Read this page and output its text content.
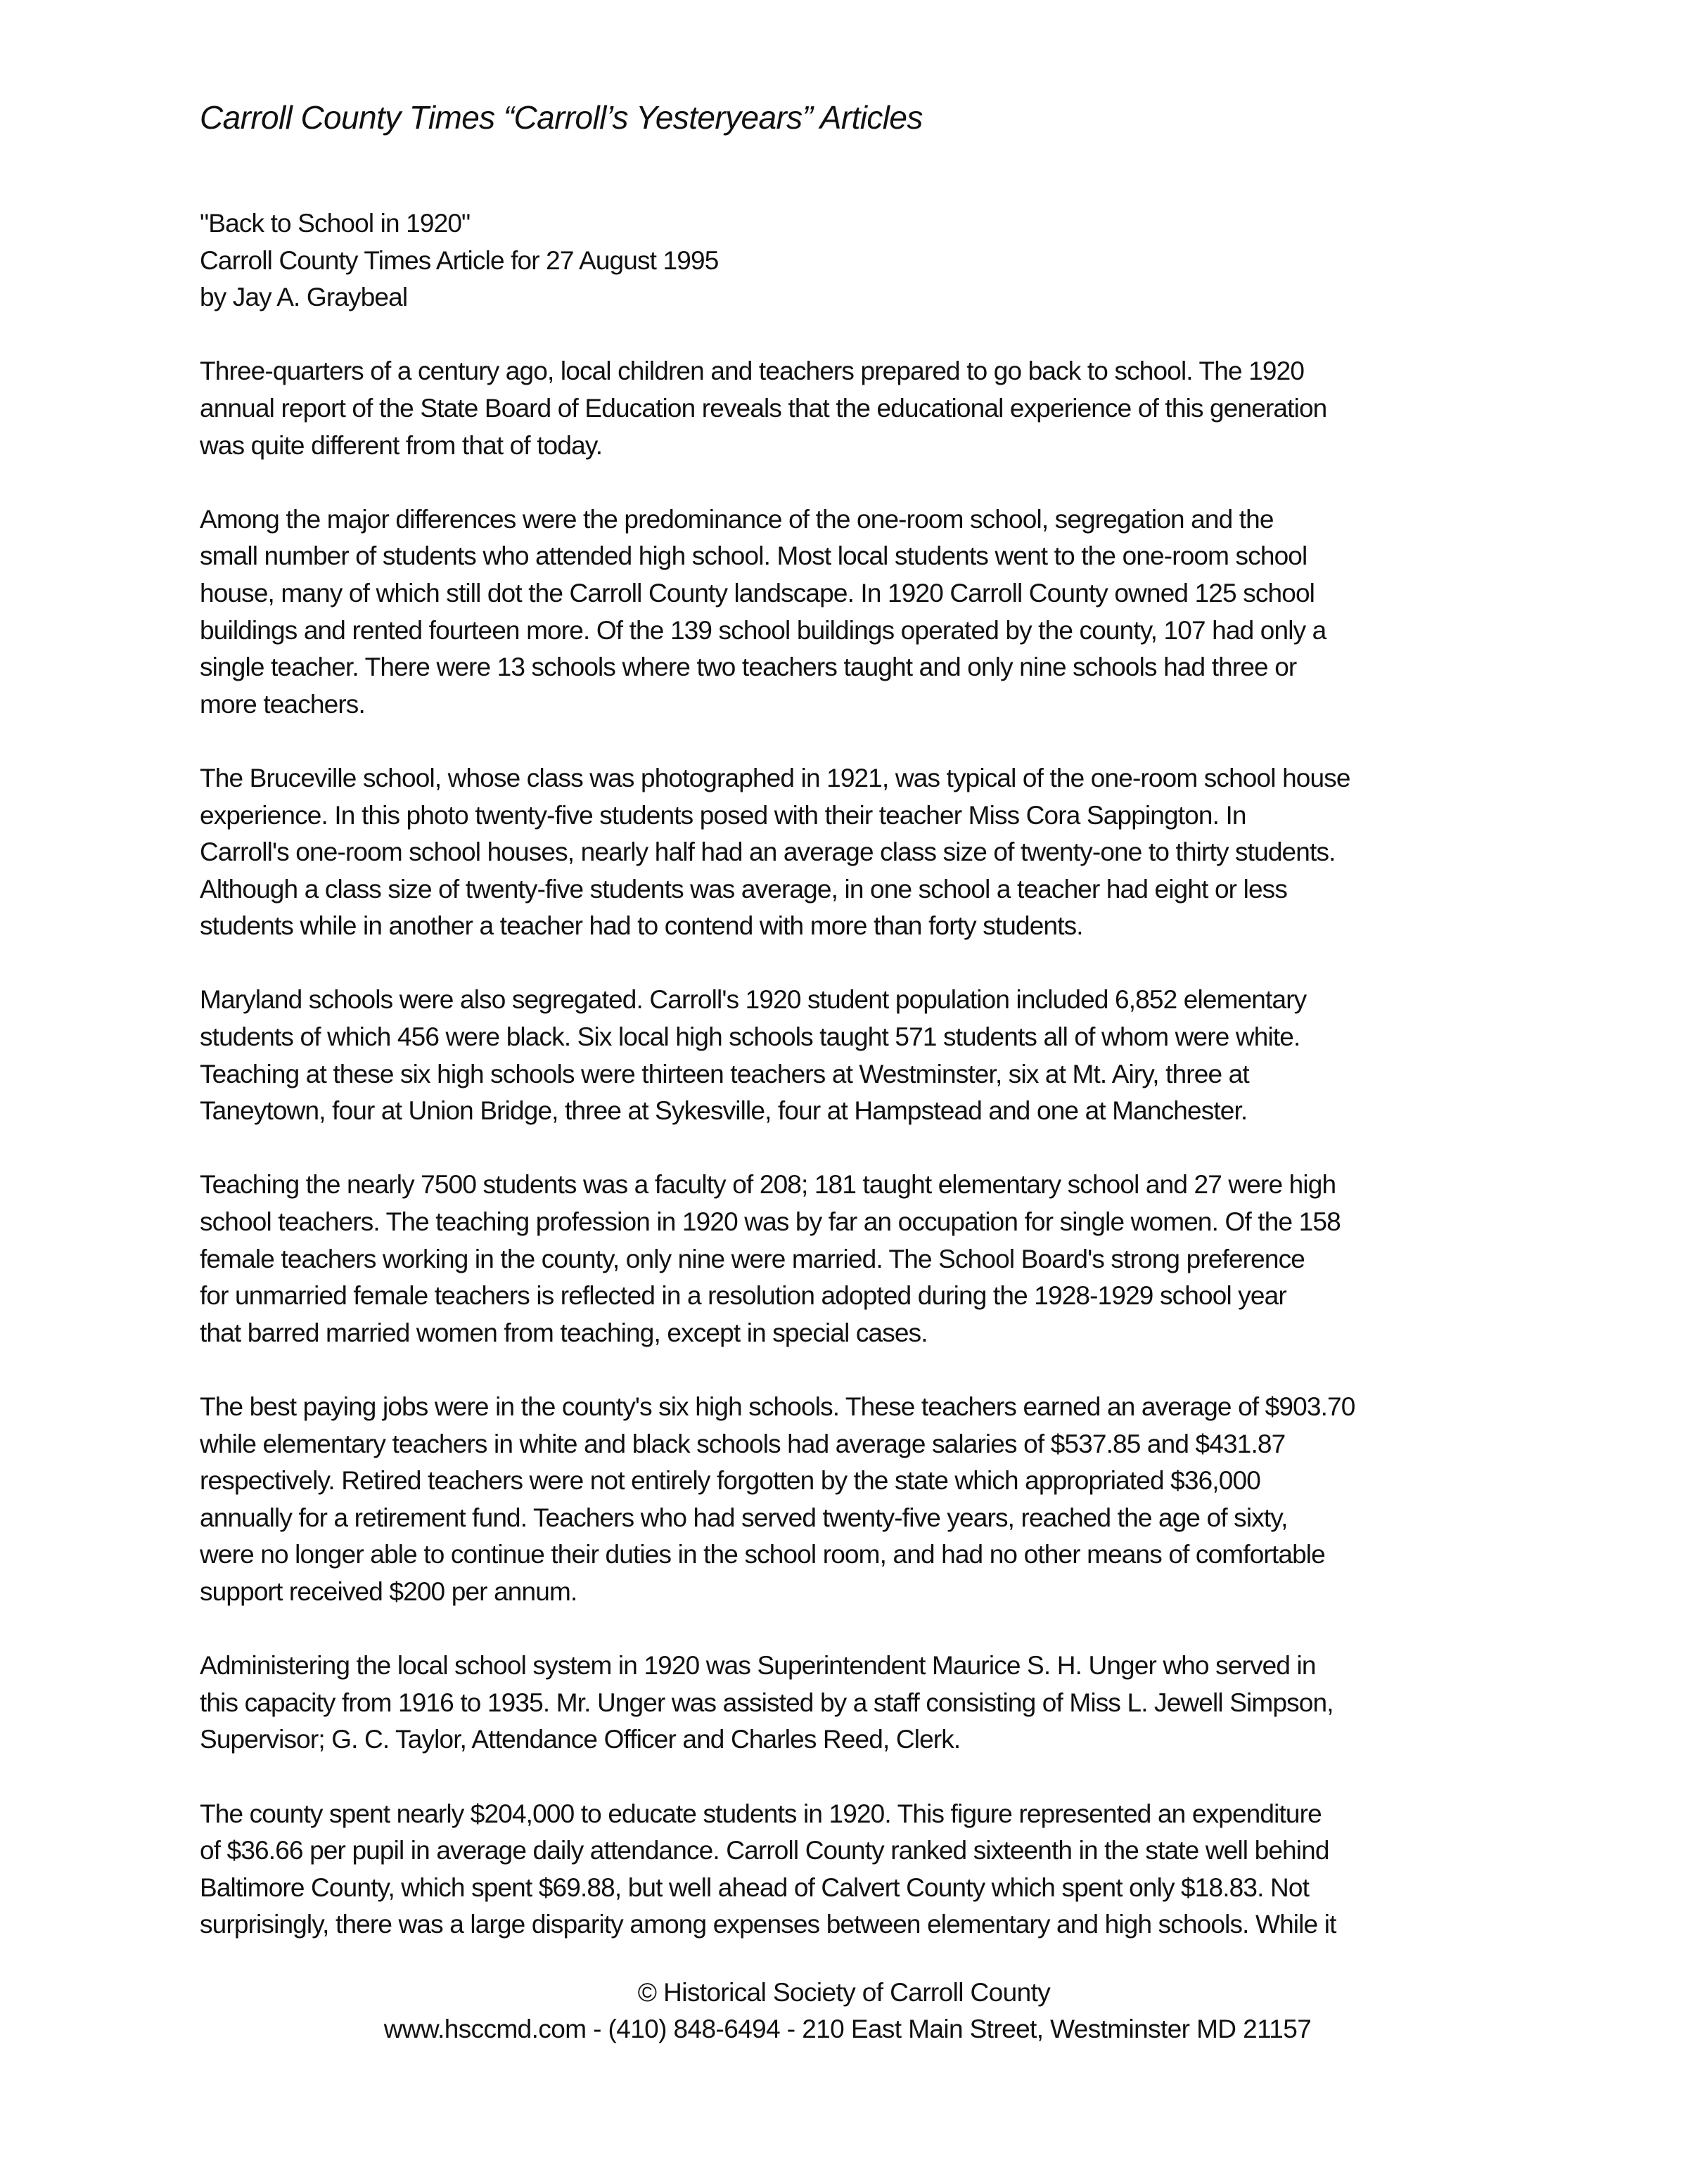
Carroll County Times “Carroll’s Yesteryears” Articles
"Back to School in 1920"
Carroll County Times Article for 27 August 1995
by Jay A. Graybeal
Three-quarters of a century ago, local children and teachers prepared to go back to school. The 1920
annual report of the State Board of Education reveals that the educational experience of this generation
was quite different from that of today.
Among the major differences were the predominance of the one-room school, segregation and the
small number of students who attended high school. Most local students went to the one-room school
house, many of which still dot the Carroll County landscape. In 1920 Carroll County owned 125 school
buildings and rented fourteen more. Of the 139 school buildings operated by the county, 107 had only a
single teacher. There were 13 schools where two teachers taught and only nine schools had three or
more teachers.
The Bruceville school, whose class was photographed in 1921, was typical of the one-room school house
experience. In this photo twenty-five students posed with their teacher Miss Cora Sappington. In
Carroll's one-room school houses, nearly half had an average class size of twenty-one to thirty students.
Although a class size of twenty-five students was average, in one school a teacher had eight or less
students while in another a teacher had to contend with more than forty students.
Maryland schools were also segregated. Carroll's 1920 student population included 6,852 elementary
students of which 456 were black. Six local high schools taught 571 students all of whom were white.
Teaching at these six high schools were thirteen teachers at Westminster, six at Mt. Airy, three at
Taneytown, four at Union Bridge, three at Sykesville, four at Hampstead and one at Manchester.
Teaching the nearly 7500 students was a faculty of 208; 181 taught elementary school and 27 were high
school teachers. The teaching profession in 1920 was by far an occupation for single women. Of the 158
female teachers working in the county, only nine were married. The School Board's strong preference
for unmarried female teachers is reflected in a resolution adopted during the 1928-1929 school year
that barred married women from teaching, except in special cases.
The best paying jobs were in the county's six high schools. These teachers earned an average of $903.70
while elementary teachers in white and black schools had average salaries of $537.85 and $431.87
respectively. Retired teachers were not entirely forgotten by the state which appropriated $36,000
annually for a retirement fund. Teachers who had served twenty-five years, reached the age of sixty,
were no longer able to continue their duties in the school room, and had no other means of comfortable
support received $200 per annum.
Administering the local school system in 1920 was Superintendent Maurice S. H. Unger who served in
this capacity from 1916 to 1935. Mr. Unger was assisted by a staff consisting of Miss L. Jewell Simpson,
Supervisor; G. C. Taylor, Attendance Officer and Charles Reed, Clerk.
The county spent nearly $204,000 to educate students in 1920. This figure represented an expenditure
of $36.66 per pupil in average daily attendance. Carroll County ranked sixteenth in the state well behind
Baltimore County, which spent $69.88, but well ahead of Calvert County which spent only $18.83. Not
surprisingly, there was a large disparity among expenses between elementary and high schools. While it
© Historical Society of Carroll County
www.hsccmd.com - (410) 848-6494 - 210 East Main Street, Westminster MD 21157
